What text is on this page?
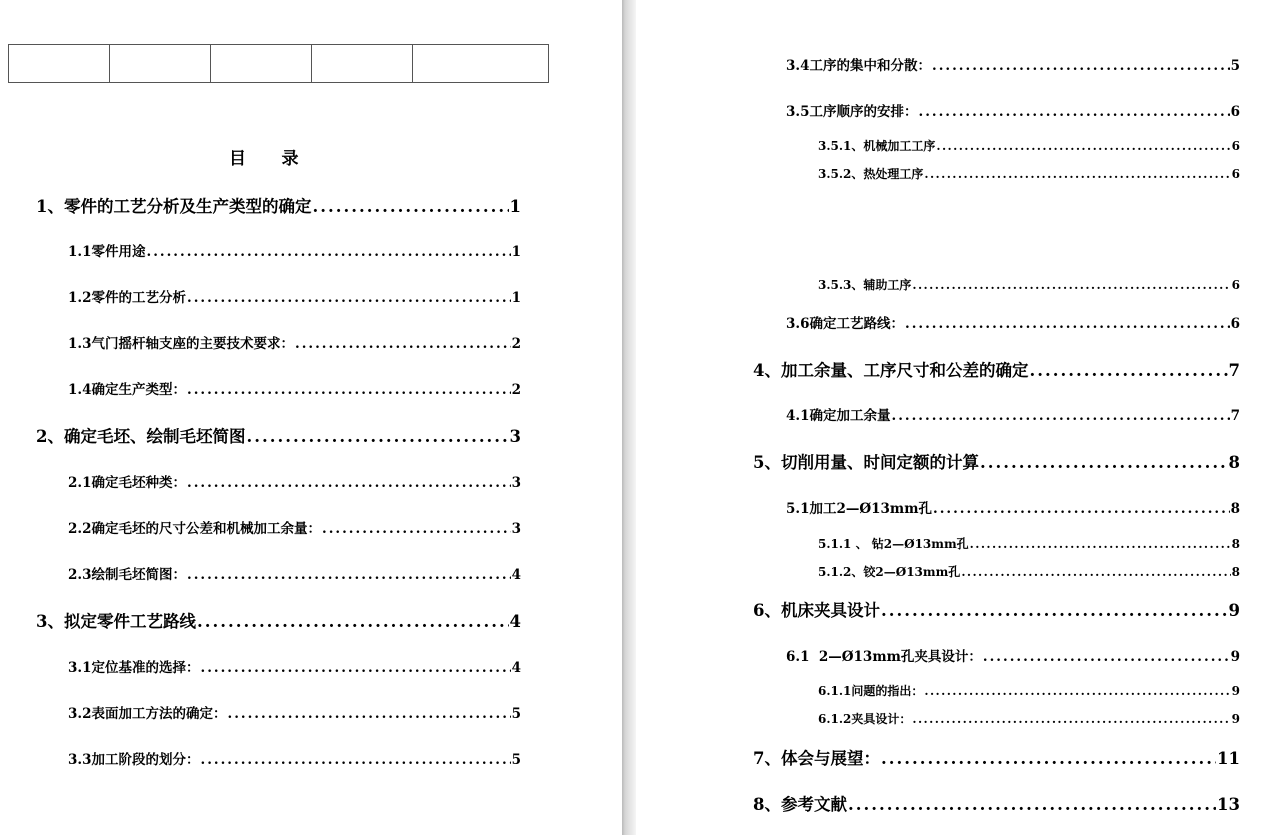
目      录
1、零件的工艺分析及生产类型的确定 .....	1
1.1零件用途 .....	1
1.2零件的工艺分析 .....	1
1.3气门摇杆轴支座的主要技术要求： .....	2
1.4确定生产类型： .....	2
2、确定毛坯、绘制毛坯简图 .....	3
2.1确定毛坯种类： .....	3
2.2确定毛坯的尺寸公差和机械加工余量： .....	3
2.3绘制毛坯简图： .....	4
3、拟定零件工艺路线 .....	4
3.1定位基准的选择： .....	4
3.2表面加工方法的确定： .....	5
3.3加工阶段的划分： .....	5
3.4工序的集中和分散： .....	5
3.5工序顺序的安排： .....	6
3.5.1、机械加工工序 .....	6
3.5.2、热处理工序 .....	6
3.5.3、辅助工序 .....	6
3.6确定工艺路线： .....	6
4、加工余量、工序尺寸和公差的确定 .....	7
4.1确定加工余量 .....	7
5、切削用量、时间定额的计算 .....	8
5.1加工2—Ø13mm孔 .....	8
5.1.1 、 钻2—Ø13mm孔 .....	8
5.1.2、铰2—Ø13mm孔 .....	8
6、机床夹具设计 .....	9
6.1  2—Ø13mm孔夹具设计： .....	9
6.1.1问题的指出： .....	9
6.1.2夹具设计： .....	9
7、体会与展望： .....	11
8、参考文献 .....	13
